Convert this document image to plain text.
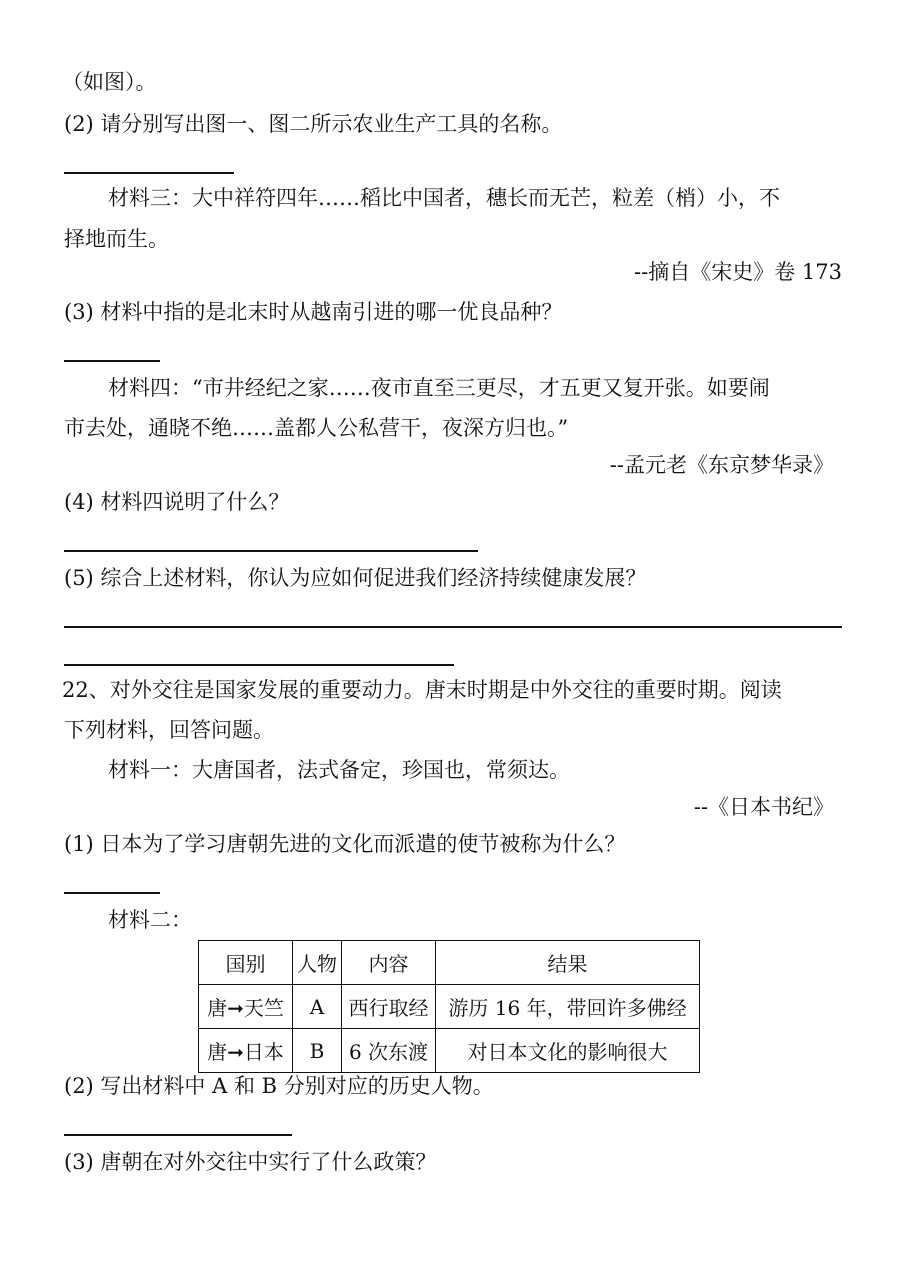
（如图）。
(2) 请分别写出图一、图二所示农业生产工具的名称。
材料三：大中祥符四年……稻比中国者，穗长而无芒，粒差（梢）小，不
择地而生。
--摘自《宋史》卷 173
(3) 材料中指的是北末时从越南引进的哪一优良品种？
材料四：“市井经纪之家……夜市直至三更尽，才五更又复开张。如要闹
市去处，通晓不绝……盖都人公私营干，夜深方归也。”
--孟元老《东京梦华录》
(4) 材料四说明了什么？
(5) 综合上述材料，你认为应如何促进我们经济持续健康发展？
22、对外交往是国家发展的重要动力。唐末时期是中外交往的重要时期。阅读
下列材料，回答问题。
材料一：大唐国者，法式备定，珍国也，常须达。
--《日本书纪》
(1) 日本为了学习唐朝先进的文化而派遣的使节被称为什么？
材料二：
国别	人物	内容	结果
唐➞天竺	A	西行取经	游历 16 年，带回许多佛经
唐➞日本	B	6 次东渡	对日本文化的影响很大
(2) 写出材料中 A 和 B 分别对应的历史人物。
(3) 唐朝在对外交往中实行了什么政策？
